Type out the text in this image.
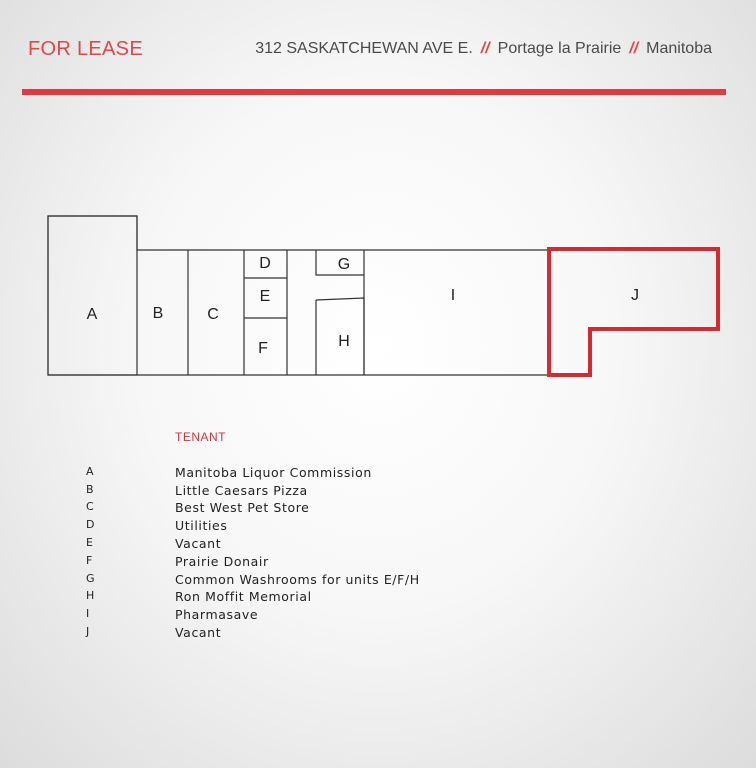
FOR LEASE	312 SASKATCHEWAN AVE E. // Portage la Prairie // Manitoba
A	B	C
D
E
F
G
H
I	J
TENANT
A	Manitoba Liquor Commission
B	Little Caesars Pizza
C	Best West Pet Store
D	Utilities
E	Vacant
F	Prairie Donair
G	Common Washrooms for units E/F/H
H	Ron Moffit Memorial
I	Pharmasave
J	Vacant
